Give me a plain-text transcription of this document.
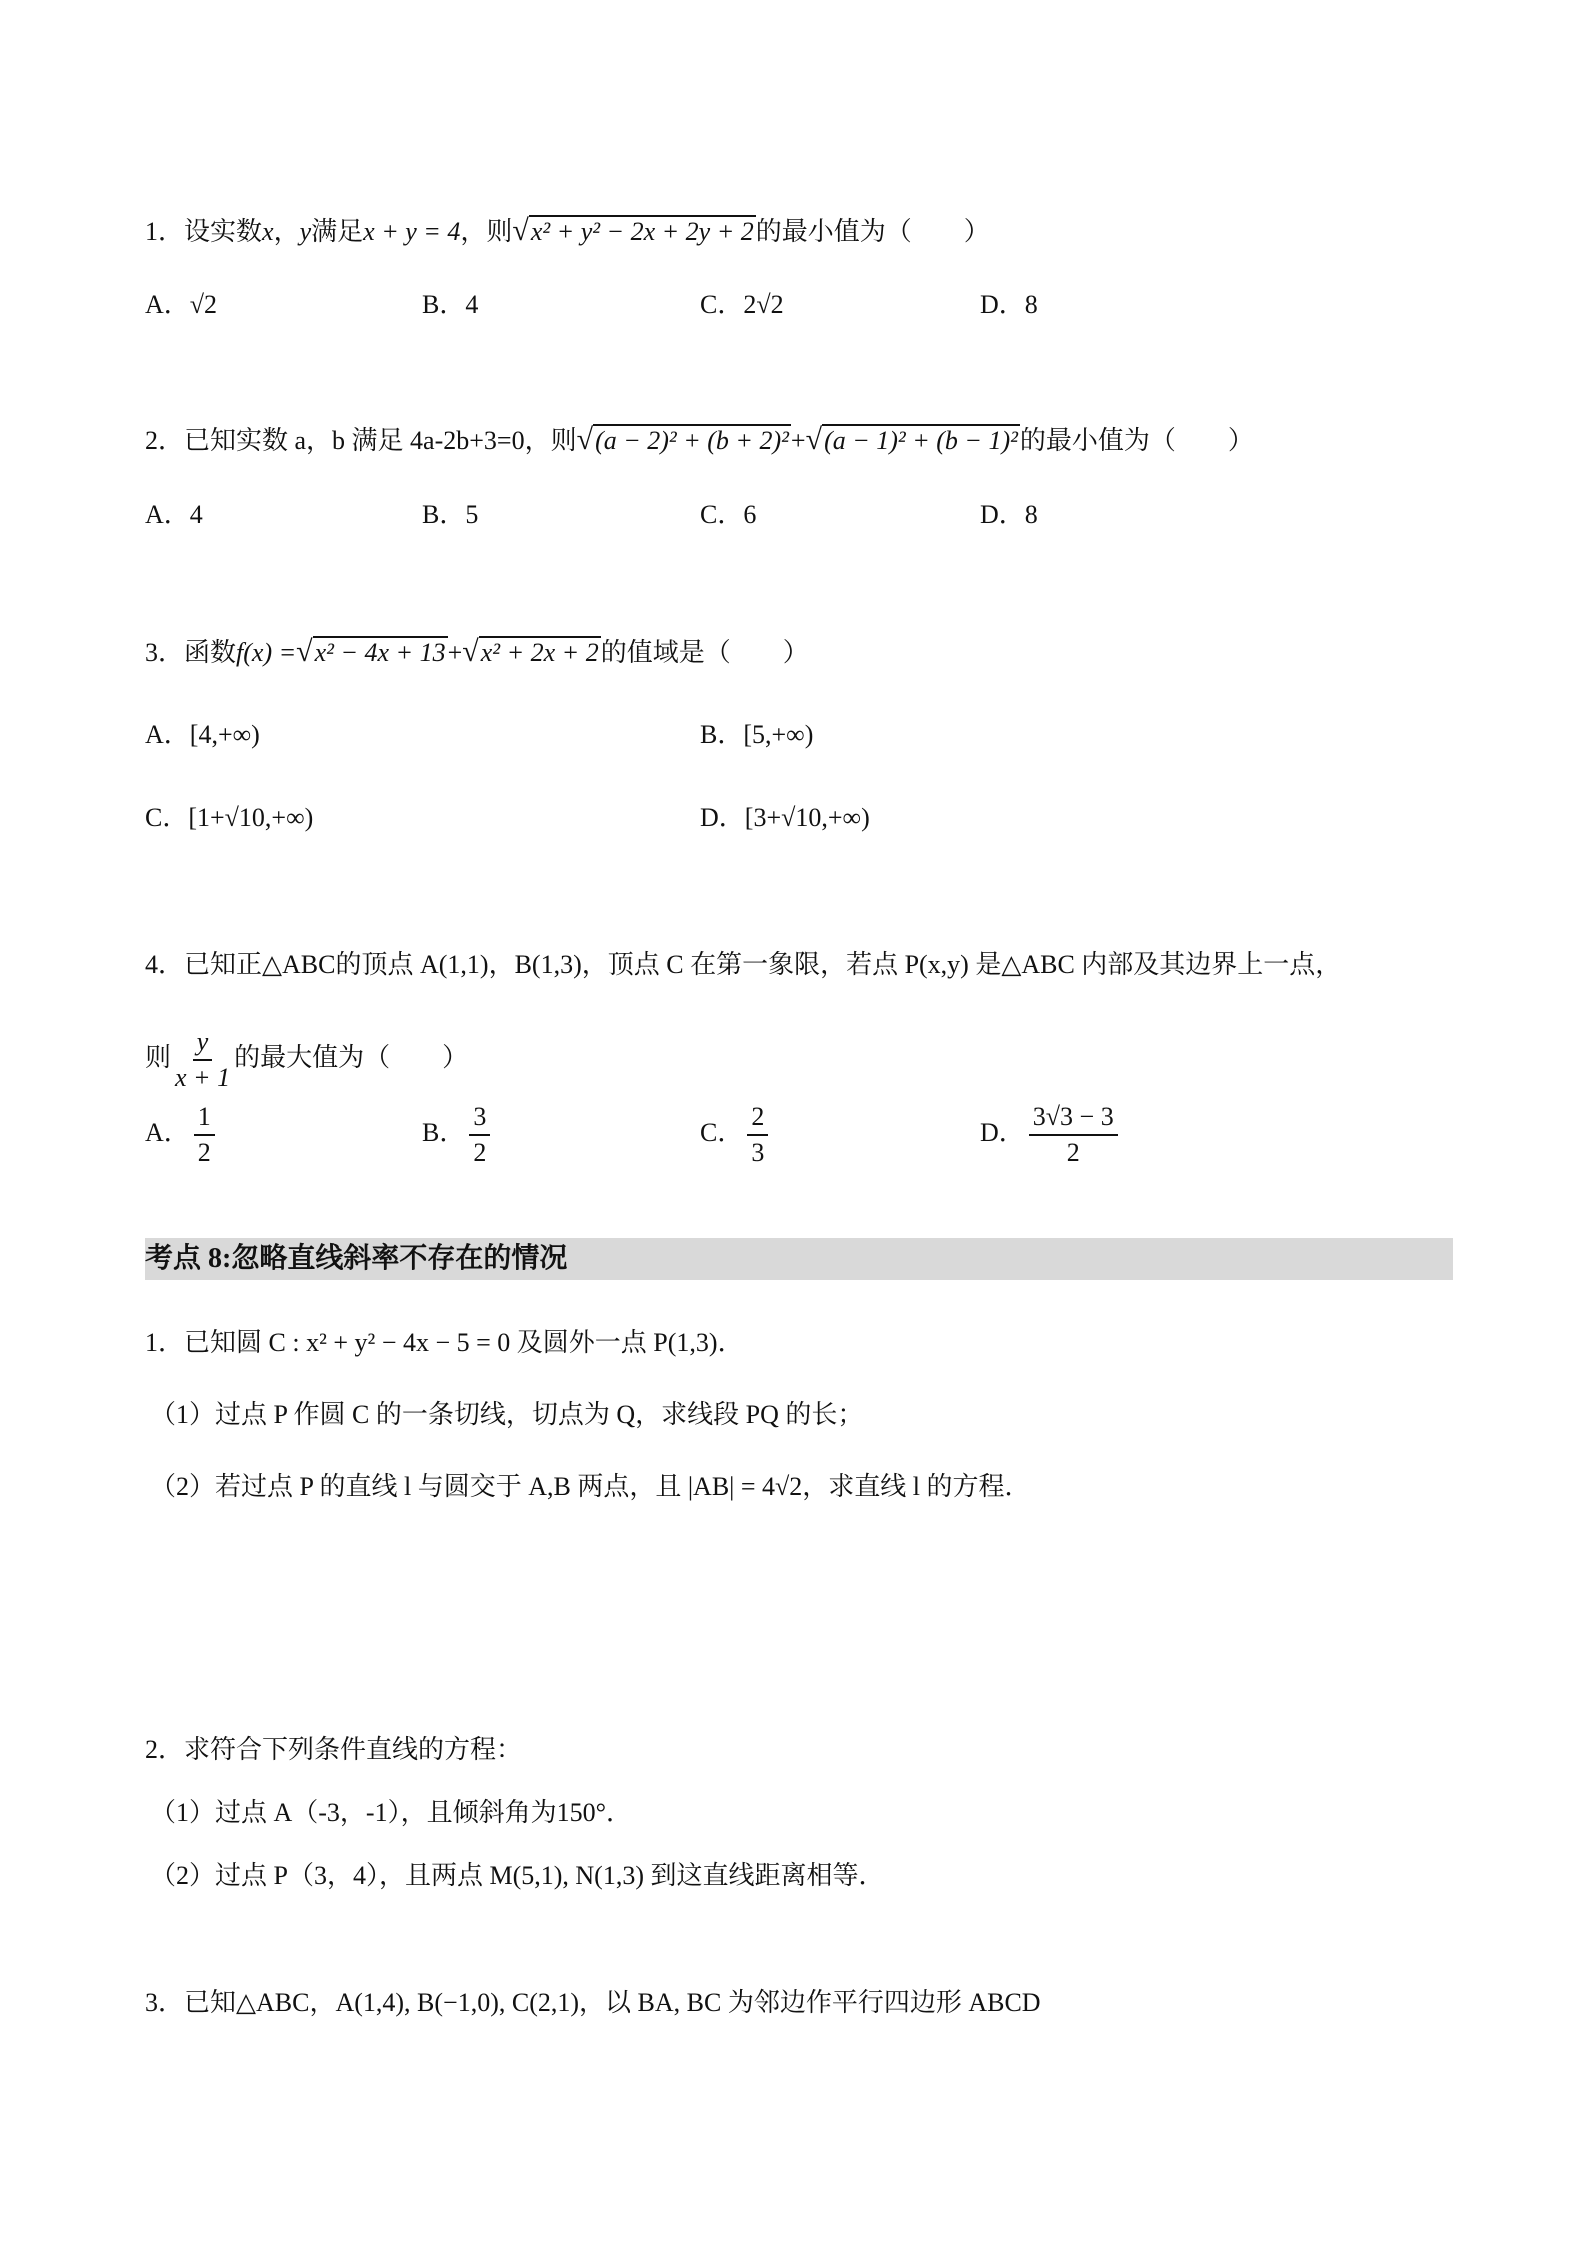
1．设实数x，y满足x + y = 4，则√x² + y² − 2x + 2y + 2的最小值为（　　）
A．√2	B．4	C．2√2	D．8
2．已知实数 a，b 满足 4a-2b+3=0，则√(a − 2)² + (b + 2)²+√(a − 1)² + (b − 1)²的最小值为（　　）
A．4	B．5	C．6	D．8
3．函数f(x) =√x² − 4x + 13+√x² + 2x + 2的值域是（　　）
A．[4,+∞)	B．[5,+∞)
C．[1+√10,+∞)	D．[3+√10,+∞)
4．已知正△ABC的顶点 A(1,1)，B(1,3)，顶点 C 在第一象限，若点 P(x,y) 是△ABC 内部及其边界上一点，
则 $\frac{y}{x + 1}$ 的最大值为（　　）
A． $\frac{1}{2}$	B． $\frac{3}{2}$	C． $\frac{2}{3}$	D． $\frac{3√3 - 3}{2}$
考点 8:忽略直线斜率不存在的情况
1．已知圆 C : x² + y² − 4x − 5 = 0 及圆外一点 P(1,3)．
（1）过点 P 作圆 C 的一条切线，切点为 Q，求线段 PQ 的长；
（2）若过点 P 的直线 l 与圆交于 A,B 两点，且 |AB| = 4√2，求直线 l 的方程．
2．求符合下列条件直线的方程：
（1）过点 A（-3，-1），且倾斜角为150°．
（2）过点 P（3，4），且两点 M(5,1), N(1,3) 到这直线距离相等．
3．已知△ABC，A(1,4), B(−1,0), C(2,1)，以 BA, BC 为邻边作平行四边形 ABCD
